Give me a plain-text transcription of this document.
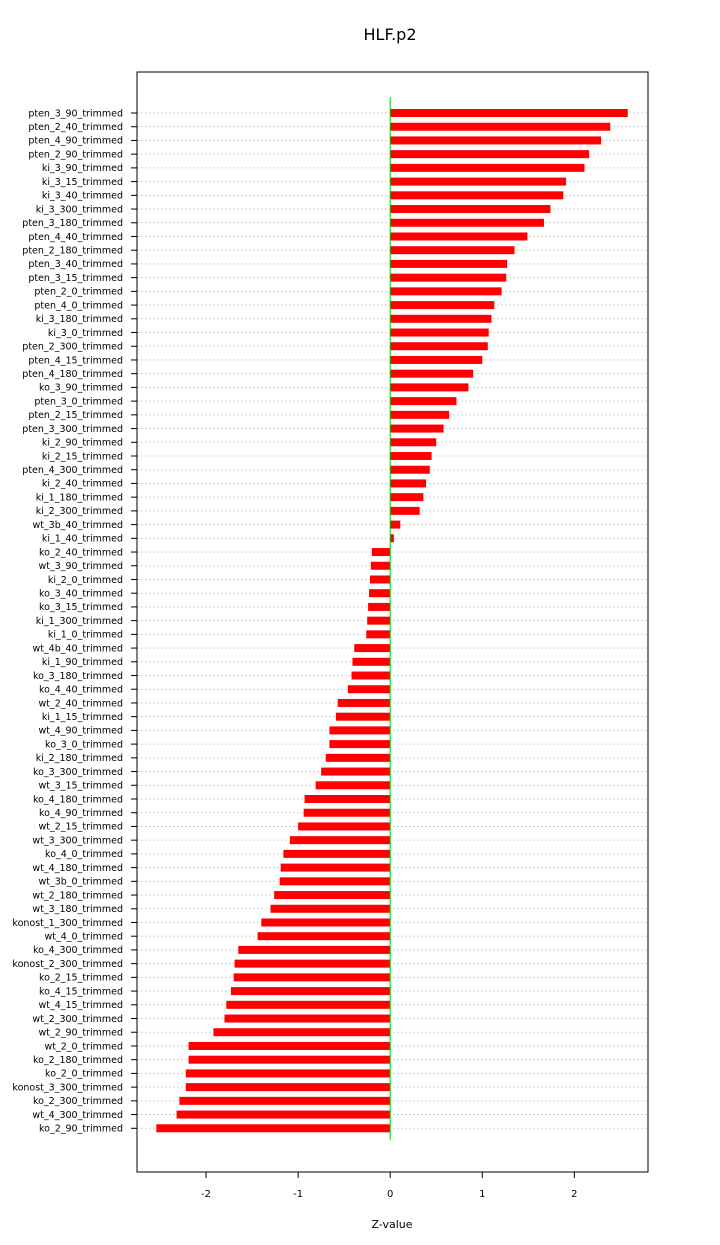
HLF.p2
pten_3_90_trimmed
pten_2_40_trimmed
pten_4_90_trimmed
pten_2_90_trimmed
ki_3_90_trimmed
ki_3_15_trimmed
ki_3_40_trimmed
ki_3_300_trimmed
pten_3_180_trimmed
pten_4_40_trimmed
pten_2_180_trimmed
pten_3_40_trimmed
pten_3_15_trimmed
pten_2_0_trimmed
pten_4_0_trimmed
ki_3_180_trimmed
ki_3_0_trimmed
pten_2_300_trimmed
pten_4_15_trimmed
pten_4_180_trimmed
ko_3_90_trimmed
pten_3_0_trimmed
pten_2_15_trimmed
pten_3_300_trimmed
ki_2_90_trimmed
ki_2_15_trimmed
pten_4_300_trimmed
ki_2_40_trimmed
ki_1_180_trimmed
ki_2_300_trimmed
wt_3b_40_trimmed
ki_1_40_trimmed
ko_2_40_trimmed
wt_3_90_trimmed
ki_2_0_trimmed
ko_3_40_trimmed
ko_3_15_trimmed
ki_1_300_trimmed
ki_1_0_trimmed
wt_4b_40_trimmed
ki_1_90_trimmed
ko_3_180_trimmed
ko_4_40_trimmed
wt_2_40_trimmed
ki_1_15_trimmed
wt_4_90_trimmed
ko_3_0_trimmed
ki_2_180_trimmed
ko_3_300_trimmed
wt_3_15_trimmed
ko_4_180_trimmed
ko_4_90_trimmed
wt_2_15_trimmed
wt_3_300_trimmed
ko_4_0_trimmed
wt_4_180_trimmed
wt_3b_0_trimmed
wt_2_180_trimmed
wt_3_180_trimmed
konost_1_300_trimmed
wt_4_0_trimmed
ko_4_300_trimmed
konost_2_300_trimmed
ko_2_15_trimmed
ko_4_15_trimmed
wt_4_15_trimmed
wt_2_300_trimmed
wt_2_90_trimmed
wt_2_0_trimmed
ko_2_180_trimmed
ko_2_0_trimmed
konost_3_300_trimmed
ko_2_300_trimmed
wt_4_300_trimmed
ko_2_90_trimmed
-2	-1	0	1	2
Z-value
